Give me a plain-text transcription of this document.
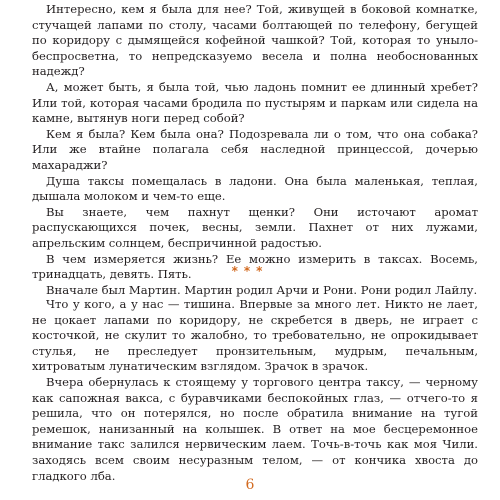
Интересно, кем я была для нее? Той, живущей в боковой комнатке, стучащей лапами по столу, часами болтающей по телефону, бегущей по коридору с дымящейся кофейной чашкой? Той, которая то уныло-беспросветна, то непредсказуемо весела и полна необоснованных надежд?

А, может быть, я была той, чью ладонь помнит ее длинный хребет? Или той, которая часами бродила по пустырям и паркам или сидела на камне, вытянув ноги перед собой?

Кем я была? Кем была она? Подозревала ли о том, что она собака? Или же втайне полагала себя наследной принцессой, дочерью махараджи?

Душа таксы помещалась в ладони. Она была маленькая, теплая, дышала молоком и чем-то еще.

Вы знаете, чем пахнут щенки? Они источают аромат распускающихся почек, весны, земли. Пахнет от них лужами, апрельским солнцем, беспричинной радостью.

В чем измеряется жизнь? Ее можно измерить в таксах. Восемь, тринадцать, девять. Пять.

Вначале был Мартин. Мартин родил Арчи и Рони. Рони родил Лайлу.

***

Что у кого, а у нас — тишина. Впервые за много лет. Никто не лает, не цокает лапами по коридору, не скребется в дверь, не играет с косточкой, не скулит то жалобно, то требовательно, не опрокидывает стулья, не преследует пронзительным, мудрым, печальным, хитроватым лунатическим взглядом. Зрачок в зрачок.

Вчера обернулась к стоящему у торгового центра таксу, — черному как сапожная вакса, с буравчиками беспокойных глаз, — отчего-то я решила, что он потерялся, но после обратила внимание на тугой ремешок, нанизанный на колышек. В ответ на мое бесцеремонное внимание такс залился нервическим лаем. Точь-в-точь как моя Чили. заходясь всем своим несуразным телом, — от кончика хвоста до гладкого лба.

6
